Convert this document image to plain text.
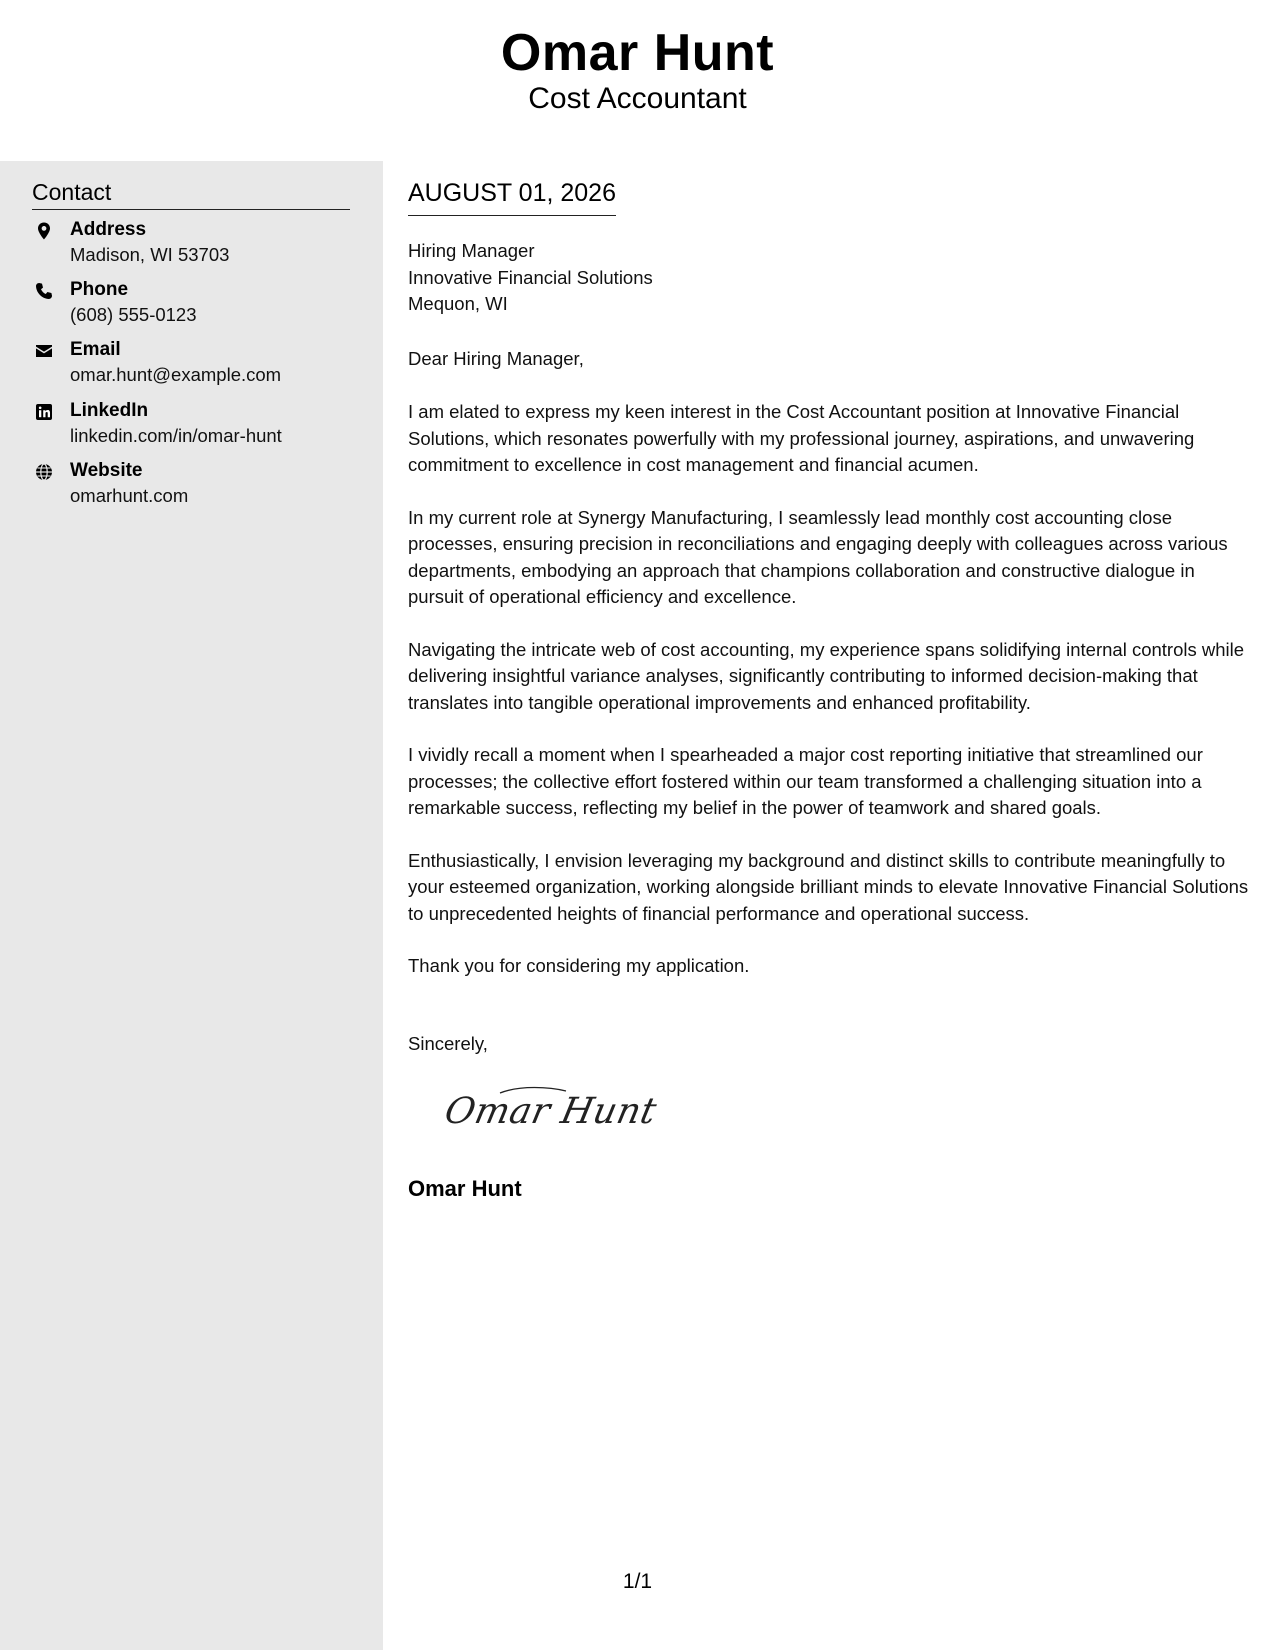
Omar Hunt
Cost Accountant
Contact
Address
Madison, WI 53703
Phone
(608) 555-0123
Email
omar.hunt@example.com
LinkedIn
linkedin.com/in/omar-hunt
Website
omarhunt.com
AUGUST 01, 2026
Hiring Manager
Innovative Financial Solutions
Mequon, WI
Dear Hiring Manager,

I am elated to express my keen interest in the Cost Accountant position at Innovative Financial Solutions, which resonates powerfully with my professional journey, aspirations, and unwavering commitment to excellence in cost management and financial acumen.

In my current role at Synergy Manufacturing, I seamlessly lead monthly cost accounting close processes, ensuring precision in reconciliations and engaging deeply with colleagues across various departments, embodying an approach that champions collaboration and constructive dialogue in pursuit of operational efficiency and excellence.

Navigating the intricate web of cost accounting, my experience spans solidifying internal controls while delivering insightful variance analyses, significantly contributing to informed decision-making that translates into tangible operational improvements and enhanced profitability.

I vividly recall a moment when I spearheaded a major cost reporting initiative that streamlined our processes; the collective effort fostered within our team transformed a challenging situation into a remarkable success, reflecting my belief in the power of teamwork and shared goals.

Enthusiastically, I envision leveraging my background and distinct skills to contribute meaningfully to your esteemed organization, working alongside brilliant minds to elevate Innovative Financial Solutions to unprecedented heights of financial performance and operational success.

Thank you for considering my application.

Sincerely,
Omar Hunt
Omar Hunt
1/1
